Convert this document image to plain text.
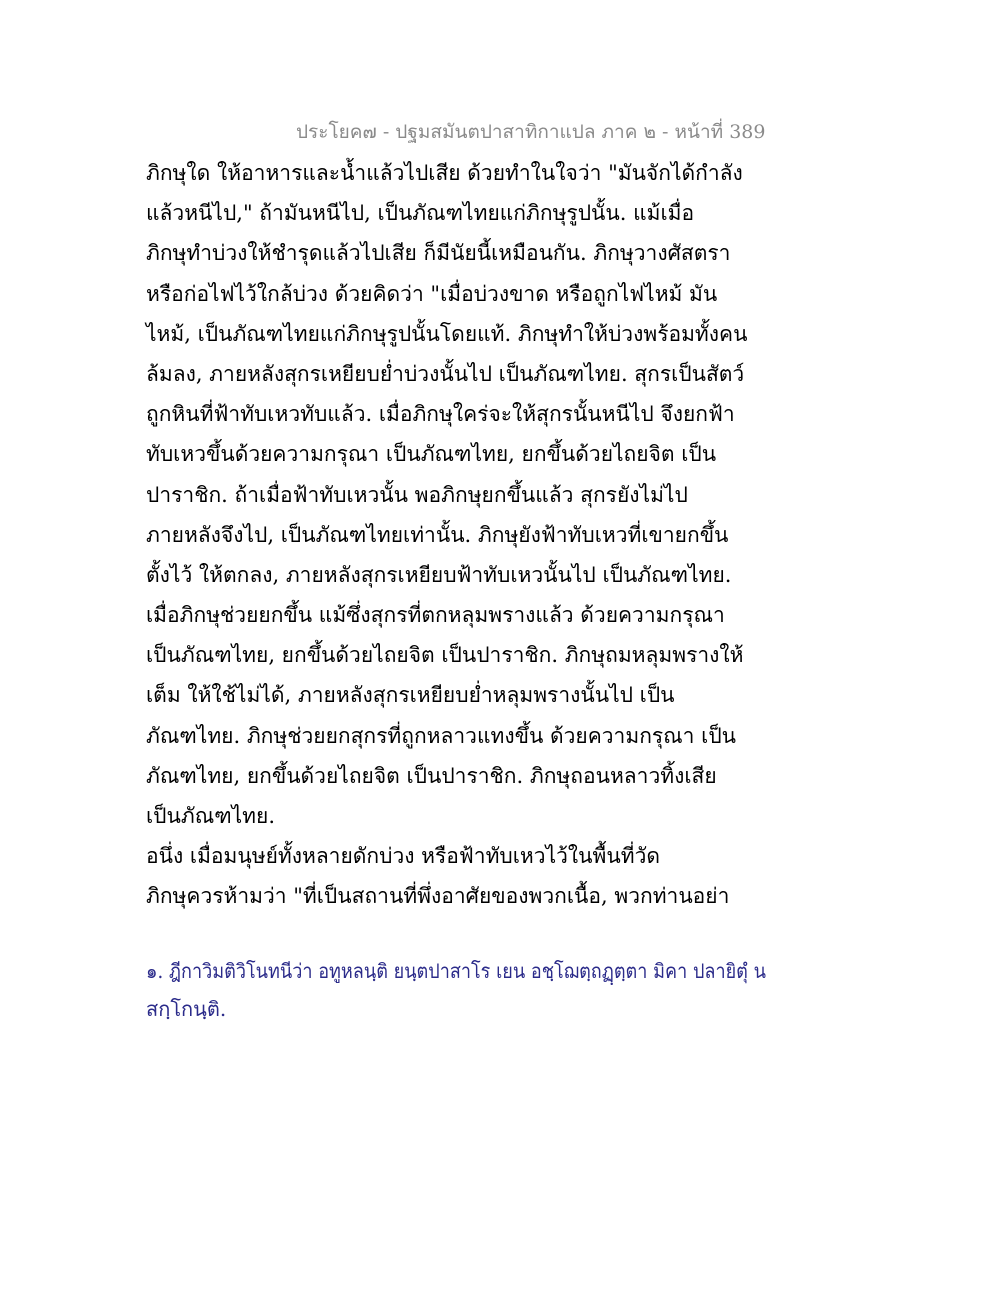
ประโยค๗ - ปฐมสมันตปาสาทิกาแปล ภาค ๒ - หน้าที่ 389
ภิกษุใด ให้อาหารและน้ำแล้วไปเสีย ด้วยทำในใจว่า "มันจักได้กำลัง
แล้วหนีไป," ถ้ามันหนีไป, เป็นภัณฑไทยแก่ภิกษุรูปนั้น. แม้เมื่อ
ภิกษุทำบ่วงให้ชำรุดแล้วไปเสีย ก็มีนัยนี้เหมือนกัน. ภิกษุวางศัสตรา
หรือก่อไฟไว้ใกล้บ่วง ด้วยคิดว่า "เมื่อบ่วงขาด หรือถูกไฟไหม้ มัน
ไหม้, เป็นภัณฑไทยแก่ภิกษุรูปนั้นโดยแท้. ภิกษุทำให้บ่วงพร้อมทั้งคน
ล้มลง, ภายหลังสุกรเหยียบย่ำบ่วงนั้นไป เป็นภัณฑไทย. สุกรเป็นสัตว์
ถูกหินที่ฟ้าทับเหวทับแล้ว. เมื่อภิกษุใคร่จะให้สุกรนั้นหนีไป จึงยกฟ้า
ทับเหวขึ้นด้วยความกรุณา เป็นภัณฑไทย, ยกขึ้นด้วยไถยจิต เป็น
ปาราชิก. ถ้าเมื่อฟ้าทับเหวนั้น พอภิกษุยกขึ้นแล้ว สุกรยังไม่ไป
ภายหลังจึงไป, เป็นภัณฑไทยเท่านั้น. ภิกษุยังฟ้าทับเหวที่เขายกขึ้น
ตั้งไว้ ให้ตกลง, ภายหลังสุกรเหยียบฟ้าทับเหวนั้นไป เป็นภัณฑไทย.
เมื่อภิกษุช่วยยกขึ้น แม้ซึ่งสุกรที่ตกหลุมพรางแล้ว ด้วยความกรุณา
เป็นภัณฑไทย, ยกขึ้นด้วยไถยจิต เป็นปาราชิก. ภิกษุถมหลุมพรางให้
เต็ม ให้ใช้ไม่ได้, ภายหลังสุกรเหยียบย่ำหลุมพรางนั้นไป เป็น
ภัณฑไทย. ภิกษุช่วยยกสุกรที่ถูกหลาวแทงขึ้น ด้วยความกรุณา เป็น
ภัณฑไทย, ยกขึ้นด้วยไถยจิต เป็นปาราชิก. ภิกษุถอนหลาวทิ้งเสีย
เป็นภัณฑไทย.
อนึ่ง เมื่อมนุษย์ทั้งหลายดักบ่วง หรือฟ้าทับเหวไว้ในพื้นที่วัด
ภิกษุควรห้ามว่า "ที่เป็นสถานที่พึ่งอาศัยของพวกเนื้อ, พวกท่านอย่า
๑. ฎีกาวิมติวิโนทนีว่า อทูหลนฺติ ยนฺตปาสาโร เยน อชฺโฌตฺถฏฺตฺตา มิคา ปลายิตุํ น
สกฺโกนฺติ.
